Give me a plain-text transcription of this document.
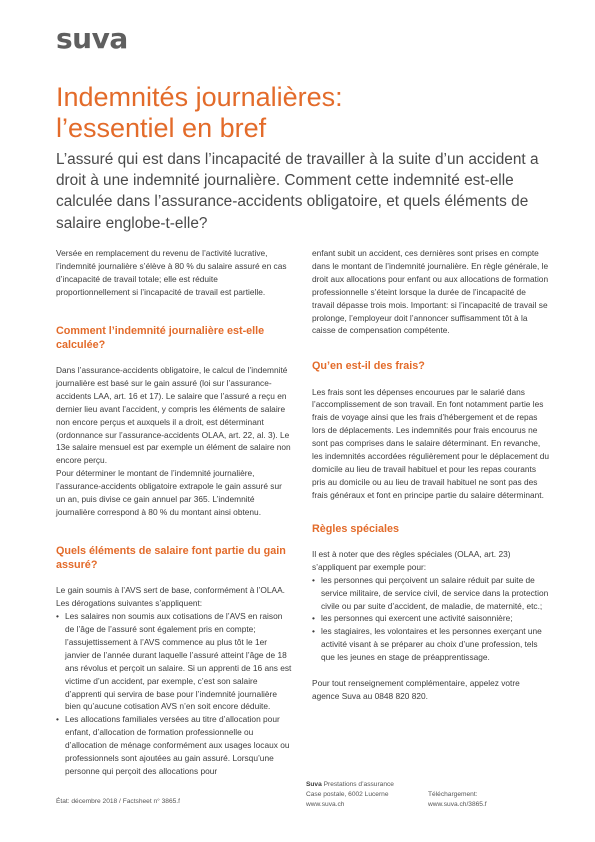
suva
Indemnités journalières:
l’essentiel en bref

L’assuré qui est dans l’incapacité de travailler à la suite d’un accident a droit à une indemnité journalière. Comment cette indemnité est-elle calculée dans l’assurance-accidents obligatoire, et quels éléments de salaire englobe-t-elle?

Versée en remplacement du revenu de l’activité lucrative, l’indemnité journalière s’élève à 80 % du salaire assuré en cas d’incapacité de travail totale; elle est réduite proportionnellement si l’incapacité de travail est partielle.

Comment l’indemnité journalière est-elle calculée?

Dans l’assurance-accidents obligatoire, le calcul de l’indemnité journalière est basé sur le gain assuré (loi sur l’assurance-accidents LAA, art. 16 et 17). Le salaire que l’assuré a reçu en dernier lieu avant l’accident, y compris les éléments de salaire non encore perçus et auxquels il a droit, est déterminant (ordonnance sur l’assurance-accidents OLAA, art. 22, al. 3). Le 13e salaire mensuel est par exemple un élément de salaire non encore perçu.

Pour déterminer le montant de l’indemnité journalière, l’assurance-accidents obligatoire extrapole le gain assuré sur un an, puis divise ce gain annuel par 365. L’indemnité journalière correspond à 80 % du montant ainsi obtenu.

Quels éléments de salaire font partie du gain assuré?

Le gain soumis à l’AVS sert de base, conformément à l’OLAA. Les dérogations suivantes s’appliquent:

• Les salaires non soumis aux cotisations de l’AVS en raison de l’âge de l’assuré sont également pris en compte; l’assujettissement à l’AVS commence au plus tôt le 1er janvier de l’année durant laquelle l’assuré atteint l’âge de 18 ans révolus et perçoit un salaire. Si un apprenti de 16 ans est victime d’un accident, par exemple, c’est son salaire d’apprenti qui servira de base pour l’indemnité journalière bien qu’aucune cotisation AVS n’en soit encore déduite.
• Les allocations familiales versées au titre d’allocation pour enfant, d’allocation de formation professionnelle ou d’allocation de ménage conformément aux usages locaux ou professionnels sont ajoutées au gain assuré. Lorsqu’une personne qui perçoit des allocations pour

enfant subit un accident, ces dernières sont prises en compte dans le montant de l’indemnité journalière. En règle générale, le droit aux allocations pour enfant ou aux allocations de formation professionnelle s’éteint lorsque la durée de l’incapacité de travail dépasse trois mois. Important: si l’incapacité de travail se prolonge, l’employeur doit l’annoncer suffisamment tôt à la caisse de compensation compétente.

Qu’en est-il des frais?

Les frais sont les dépenses encourues par le salarié dans l’accomplissement de son travail. En font notamment partie les frais de voyage ainsi que les frais d’hébergement et de repas lors de déplacements. Les indemnités pour frais encourus ne sont pas comprises dans le salaire déterminant. En revanche, les indemnités accordées régulièrement pour le déplacement du domicile au lieu de travail habituel et pour les repas courants pris au domicile ou au lieu de travail habituel ne sont pas des frais généraux et font en principe partie du salaire déterminant.

Règles spéciales

Il est à noter que des règles spéciales (OLAA, art. 23) s’appliquent par exemple pour:

• les personnes qui perçoivent un salaire réduit par suite de service militaire, de service civil, de service dans la protection civile ou par suite d’accident, de maladie, de maternité, etc.;
• les personnes qui exercent une activité saisonnière;
• les stagiaires, les volontaires et les personnes exerçant une activité visant à se préparer au choix d’une profession, tels que les jeunes en stage de préapprentissage.

Pour tout renseignement complémentaire, appelez votre agence Suva au 0848 820 820.

État: décembre 2018 / Factsheet n° 3865.f
Suva Prestations d’assurance
Case postale, 6002 Lucerne
www.suva.ch
Téléchargement:
www.suva.ch/3865.f
